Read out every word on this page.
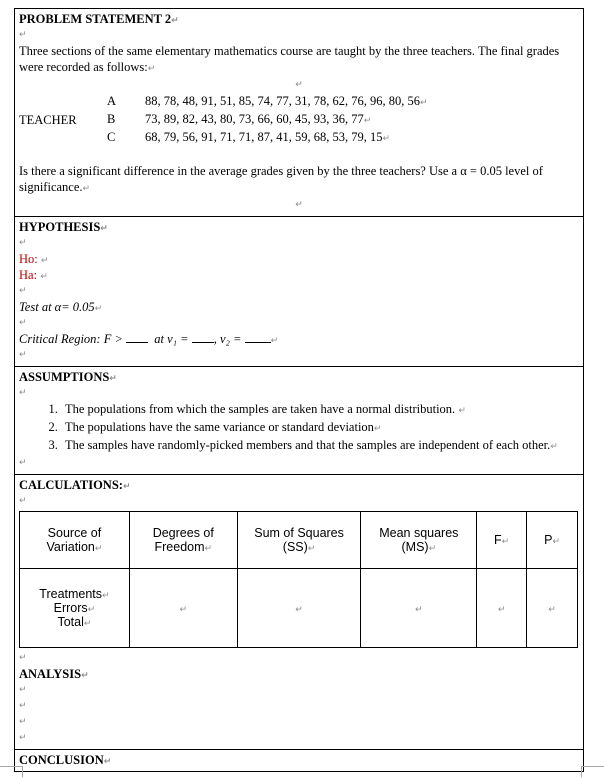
PROBLEM STATEMENT 2↵
↵

Three sections of the same elementary mathematics course are taught by the three teachers. The final grades were recorded as follows:↵

↵
TEACHER
A	88, 78, 48, 91, 51, 85, 74, 77, 31, 78, 62, 76, 96, 80, 56↵
B	73, 89, 82, 43, 80, 73, 66, 60, 45, 93, 36, 77↵
C	68, 79, 56, 91, 71, 71, 87, 41, 59, 68, 53, 79, 15↵

Is there a significant difference in the average grades given by the three teachers? Use a α = 0.05 level of significance.↵

↵
HYPOTHESIS↵
↵
Ho: ↵
Ha: ↵
↵
Test at α= 0.05↵
↵
Critical Region: F >	at v₁ = , v₂ =	↵
↵
ASSUMPTIONS↵
↵
1. The populations from which the samples are taken have a normal distribution. ↵
2. The populations have the same variance or standard deviation↵
3. The samples have randomly-picked members and that the samples are independent of each other.↵
↵
CALCULATIONS:↵
↵
Source of
Variation↵	Degrees of
Freedom↵	Sum of Squares
(SS)↵	Mean squares
(MS)↵	F↵	P↵
Treatments↵
Errors↵
Total↵	↵	↵	↵	↵	↵
↵
ANALYSIS↵
↵
↵
↵
↵
CONCLUSION↵
